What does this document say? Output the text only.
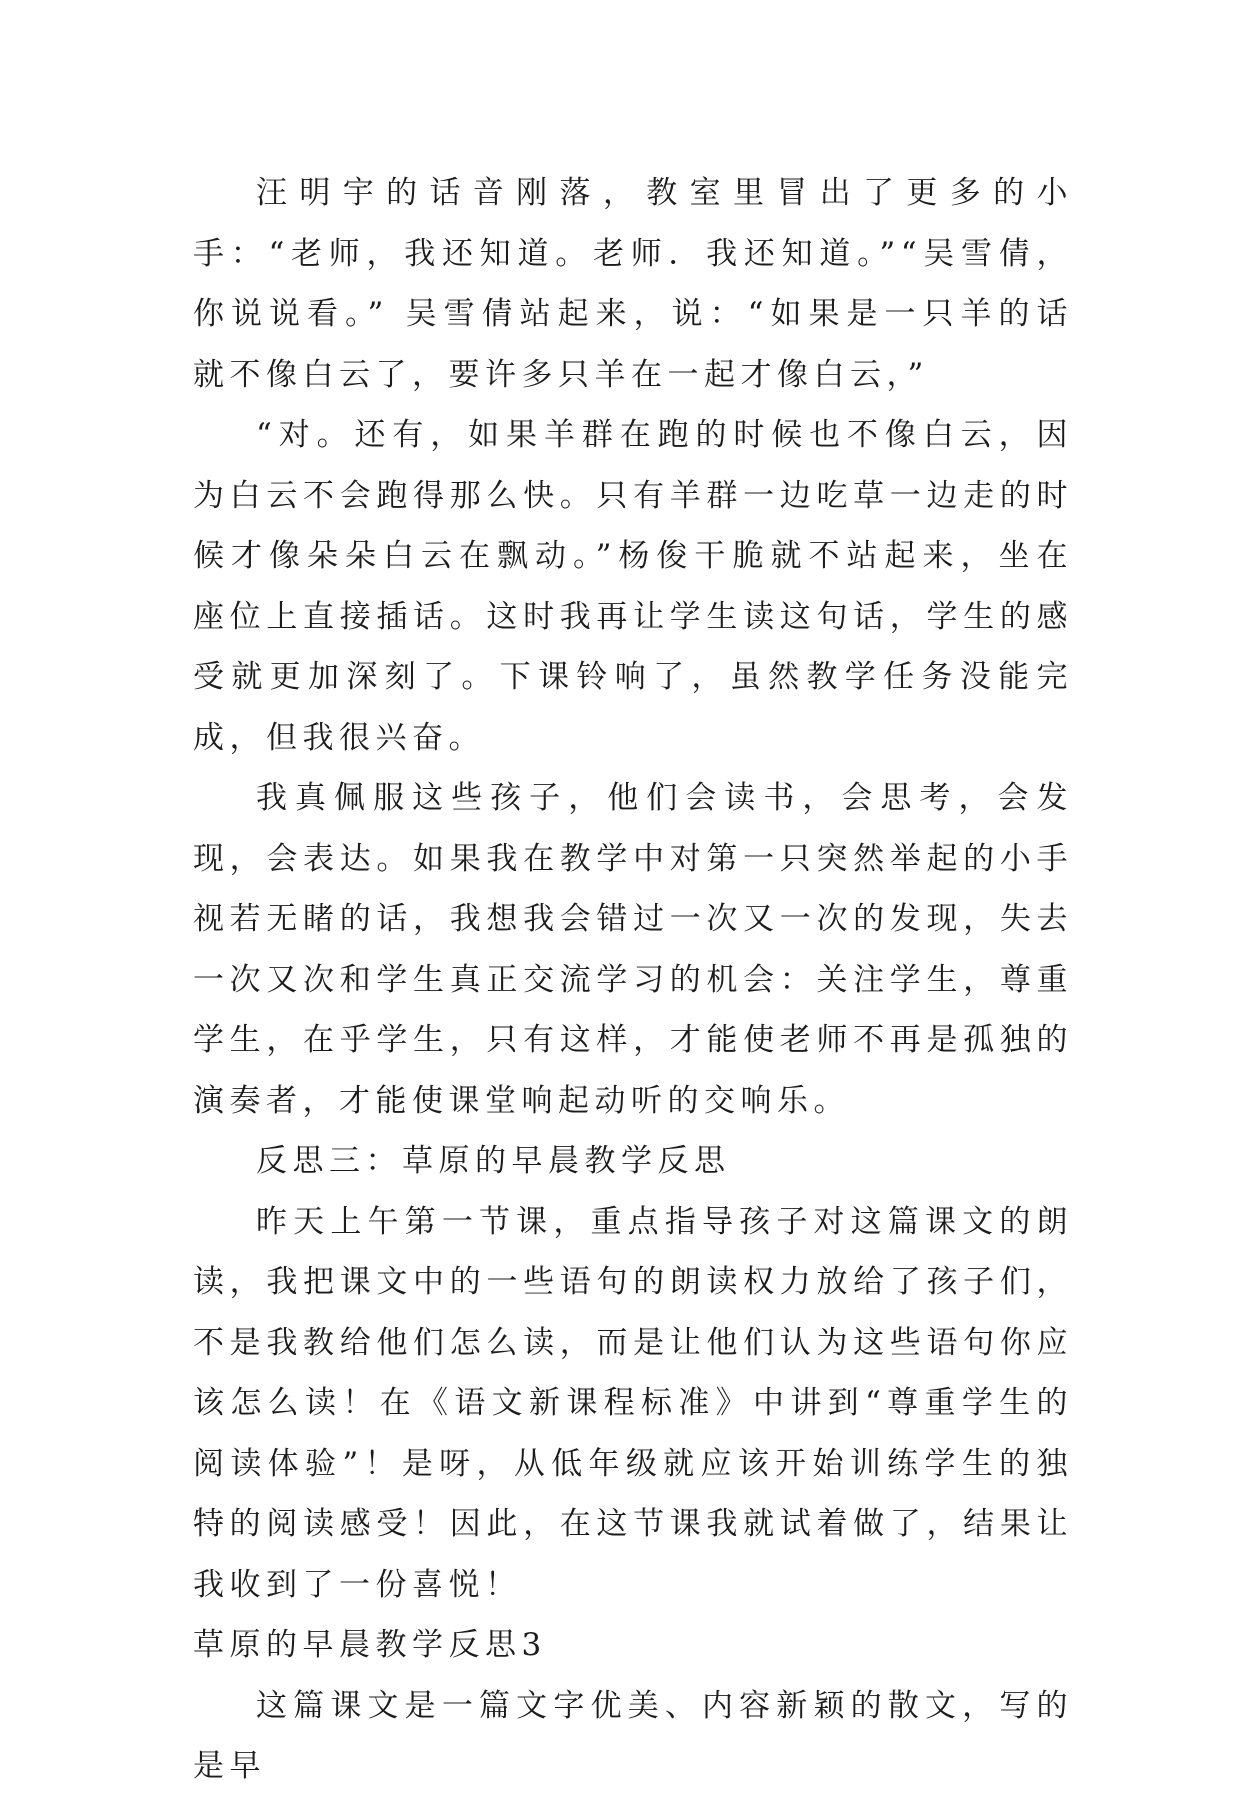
汪明宇的话音刚落，教室里冒出了更多的小手：“老师，我还知道。老师．我还知道。”“吴雪倩，你说说看。” 吴雪倩站起来，说：“如果是一只羊的话就不像白云了，要许多只羊在一起才像白云，”

“对。还有，如果羊群在跑的时候也不像白云，因为白云不会跑得那么快。只有羊群一边吃草一边走的时候才像朵朵白云在飘动。”杨俊干脆就不站起来，坐在座位上直接插话。这时我再让学生读这句话，学生的感受就更加深刻了。下课铃响了，虽然教学任务没能完成，但我很兴奋。

我真佩服这些孩子，他们会读书，会思考，会发现，会表达。如果我在教学中对第一只突然举起的小手视若无睹的话，我想我会错过一次又一次的发现，失去一次又次和学生真正交流学习的机会：关注学生，尊重学生，在乎学生，只有这样，才能使老师不再是孤独的演奏者，才能使课堂响起动听的交响乐。

反思三：草原的早晨教学反思

昨天上午第一节课，重点指导孩子对这篇课文的朗读，我把课文中的一些语句的朗读权力放给了孩子们，不是我教给他们怎么读，而是让他们认为这些语句你应该怎么读！在《语文新课程标准》中讲到“尊重学生的阅读体验”！是呀，从低年级就应该开始训练学生的独特的阅读感受！因此，在这节课我就试着做了，结果让我收到了一份喜悦！

草原的早晨教学反思3

这篇课文是一篇文字优美、内容新颖的散文，写的是早
